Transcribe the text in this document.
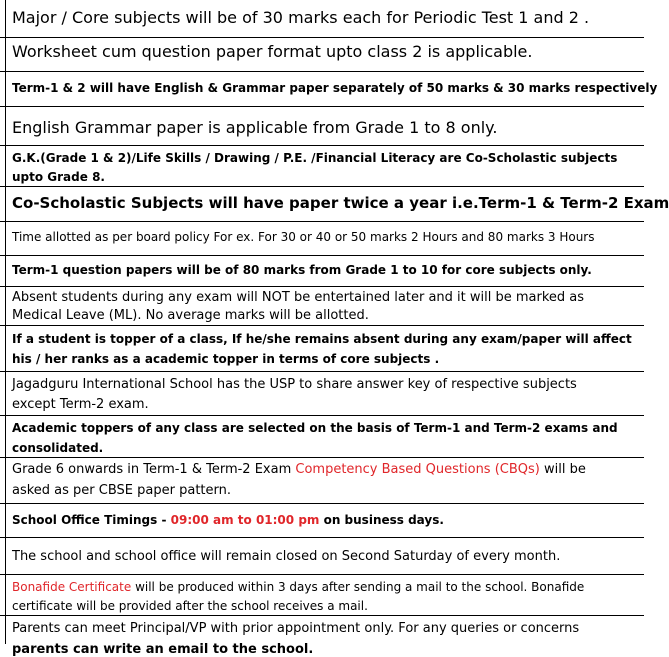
Major / Core subjects will be of 30 marks each for Periodic Test 1 and 2 .
Worksheet cum question paper format upto class 2 is applicable.
Term-1 & 2 will have English & Grammar paper separately of 50 marks & 30 marks respectively
English Grammar paper is applicable from Grade 1 to 8 only.
G.K.(Grade 1 & 2)/Life Skills / Drawing / P.E. /Financial Literacy are Co-Scholastic subjects
upto Grade 8.
Co-Scholastic Subjects will have paper twice a year i.e.Term-1 & Term-2 Exam
Time allotted as per board policy For ex. For 30 or 40 or 50 marks 2 Hours and 80 marks 3 Hours
Term-1 question papers will be of 80 marks from Grade 1 to 10 for core subjects only.
Absent students during any exam will NOT be entertained later and it will be marked as
Medical Leave (ML). No average marks will be allotted.
If a student is topper of a class, If he/she remains absent during any exam/paper will affect
his / her ranks as a academic topper in terms of core subjects .
Jagadguru International School has the USP to share answer key of respective subjects
except Term-2 exam.
Academic toppers of any class are selected on the basis of Term-1 and Term-2 exams and
consolidated.
Grade 6 onwards in Term-1 & Term-2 Exam Competency Based Questions (CBQs) will be
asked as per CBSE paper pattern.
School Office Timings - 09:00 am to 01:00 pm on business days.
The school and school office will remain closed on Second Saturday of every month.
Bonafide Certificate will be produced within 3 days after sending a mail to the school. Bonafide
certificate will be provided after the school receives a mail.
Parents can meet Principal/VP with prior appointment only. For any queries or concerns
parents can write an email to the school.
